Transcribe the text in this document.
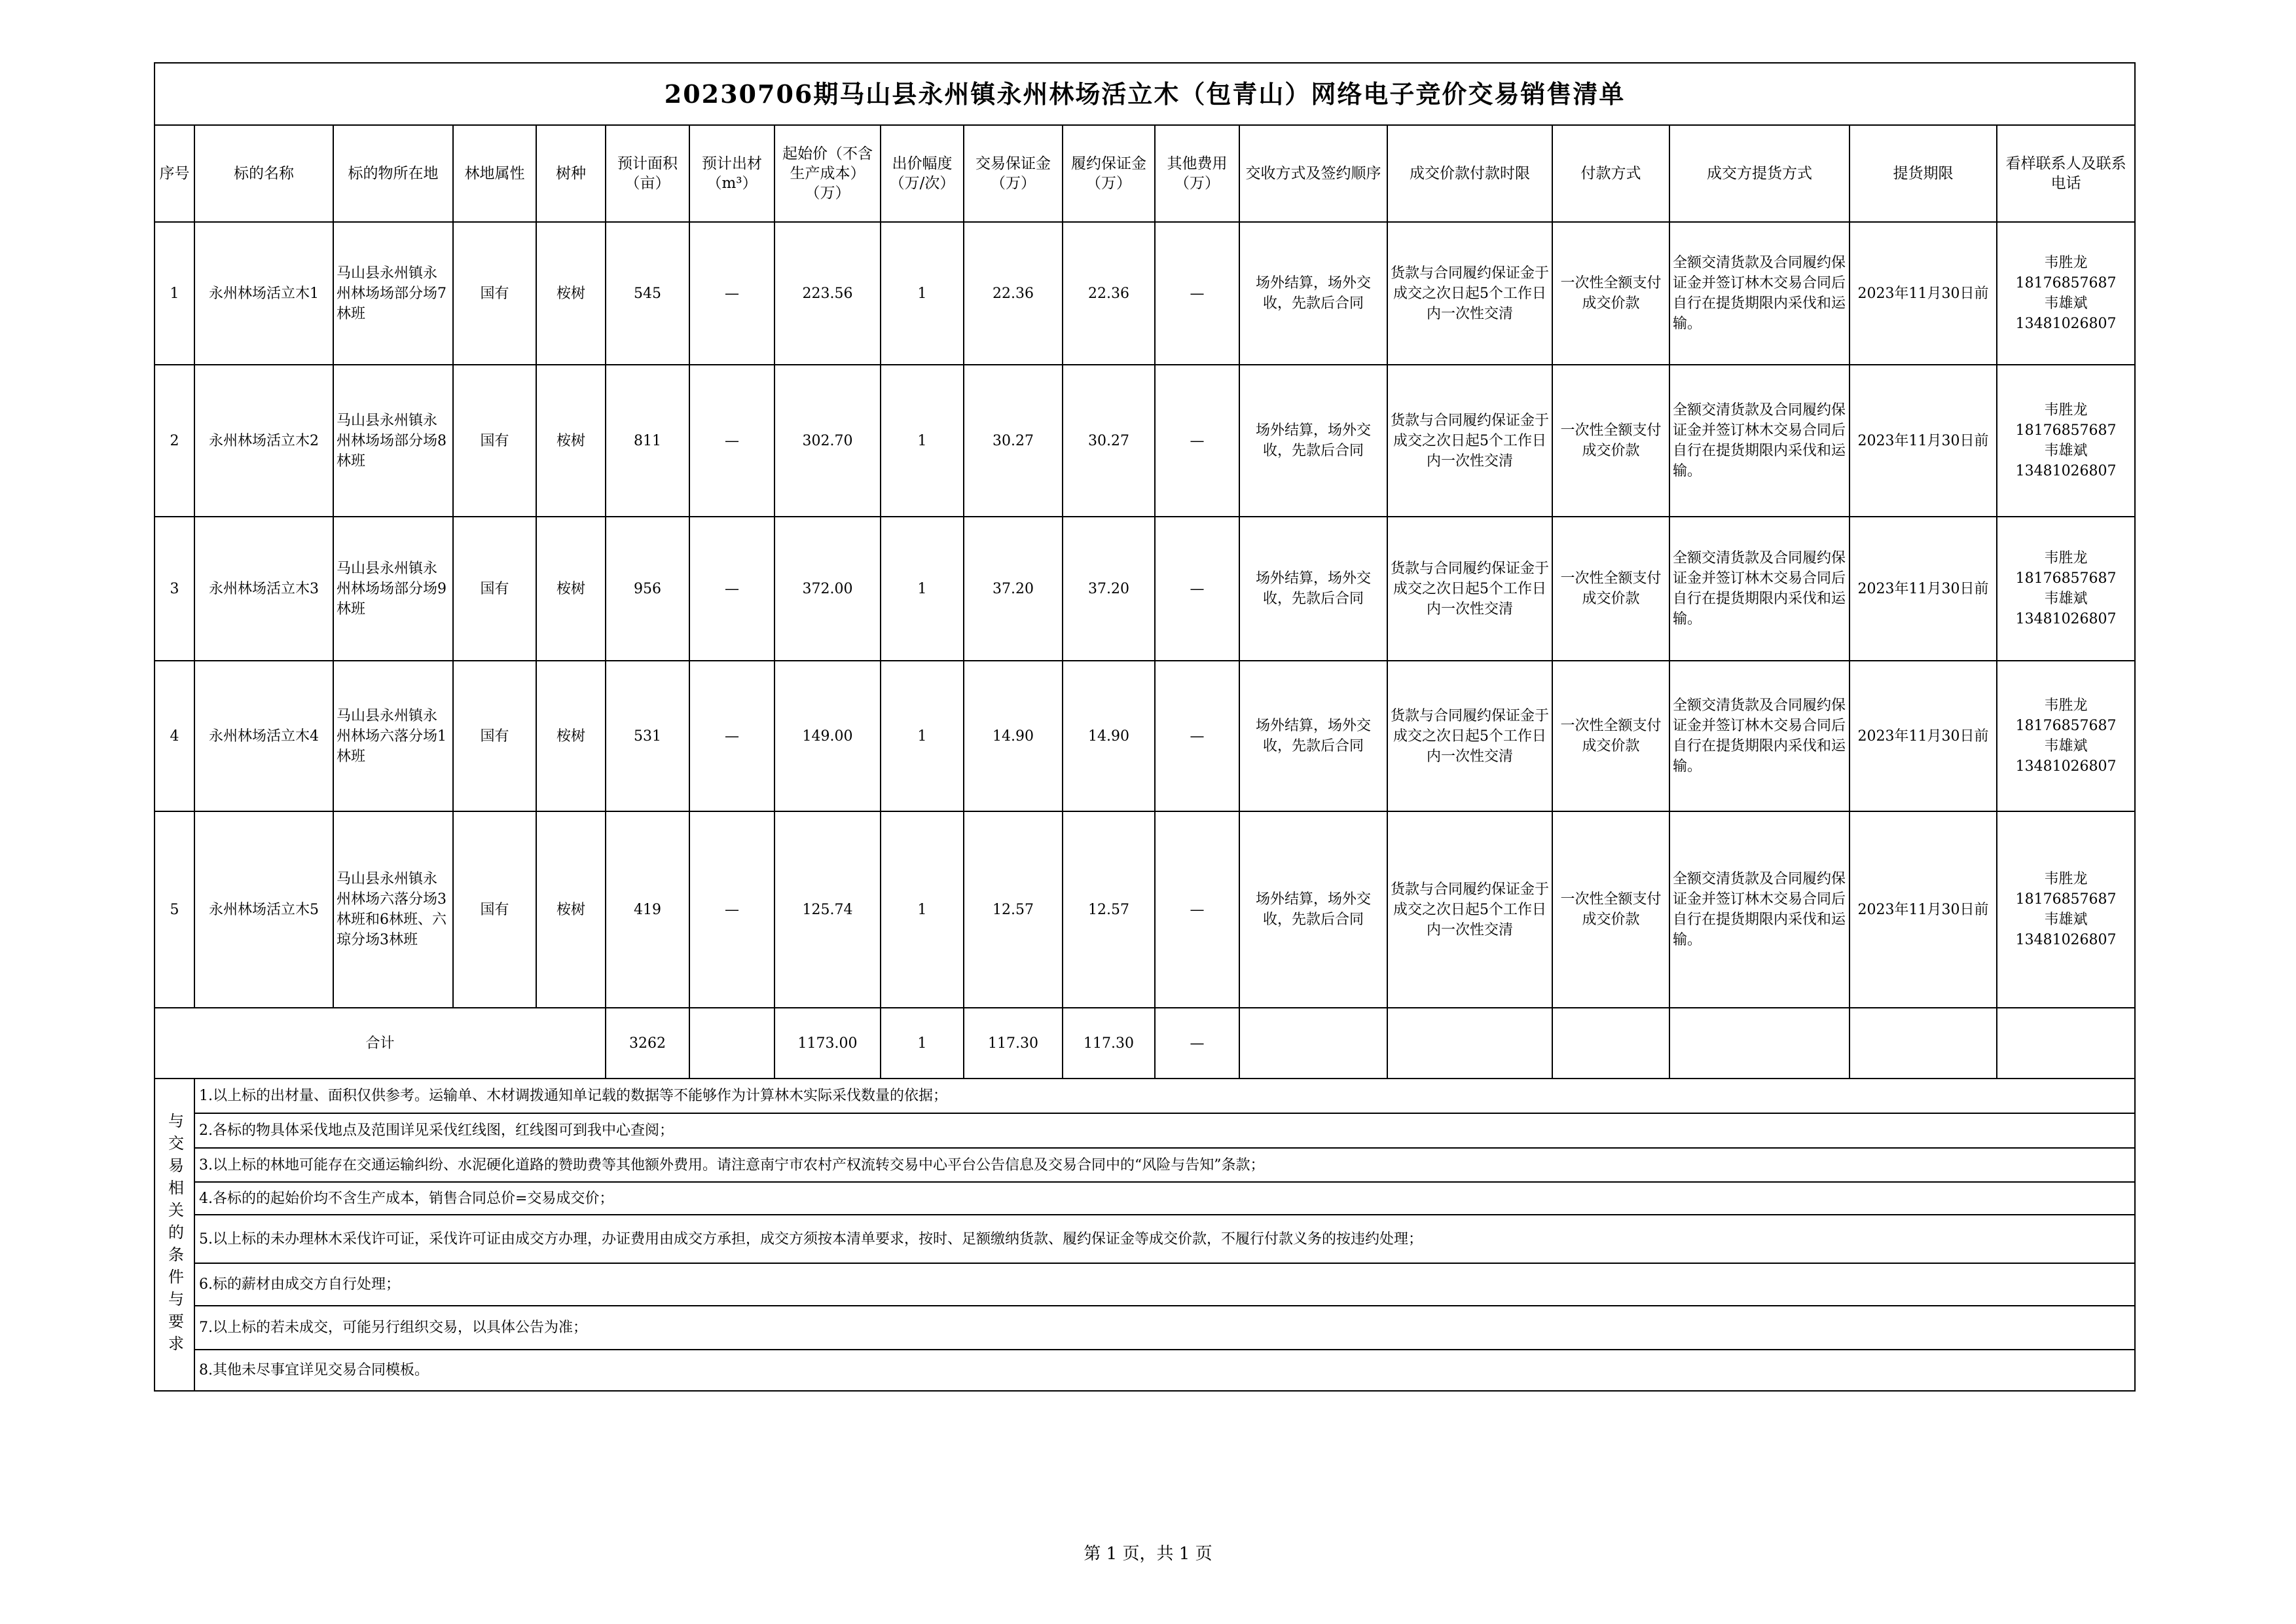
20230706期马山县永州镇永州林场活立木（包青山）网络电子竞价交易销售清单																	
序号	标的名称	标的物所在地	林地属性	树种	预计面积（亩）	预计出材（m³）	起始价（不含生产成本）（万）	出价幅度（万/次）	交易保证金（万）	履约保证金（万）	其他费用（万）	交收方式及签约顺序	成交价款付款时限	付款方式	成交方提货方式	提货期限	看样联系人及联系电话
1	永州林场活立木1	马山县永州镇永州林场场部分场7林班	国有	桉树	545	—	223.56	1	22.36	22.36	—	场外结算，场外交收，先款后合同	货款与合同履约保证金于成交之次日起5个工作日内一次性交清	一次性全额支付成交价款	全额交清货款及合同履约保证金并签订林木交易合同后自行在提货期限内采伐和运输。	2023年11月30日前	韦胜龙
18176857687
韦雄斌
13481026807

2	永州林场活立木2	马山县永州镇永州林场场部分场8林班	国有	桉树	811	—	302.70	1	30.27	30.27	—	场外结算，场外交收，先款后合同	货款与合同履约保证金于成交之次日起5个工作日内一次性交清	一次性全额支付成交价款	全额交清货款及合同履约保证金并签订林木交易合同后自行在提货期限内采伐和运输。	2023年11月30日前	韦胜龙
18176857687
韦雄斌
13481026807

3	永州林场活立木3	马山县永州镇永州林场场部分场9林班	国有	桉树	956	—	372.00	1	37.20	37.20	—	场外结算，场外交收，先款后合同	货款与合同履约保证金于成交之次日起5个工作日内一次性交清	一次性全额支付成交价款	全额交清货款及合同履约保证金并签订林木交易合同后自行在提货期限内采伐和运输。	2023年11月30日前	韦胜龙
18176857687
韦雄斌
13481026807

4	永州林场活立木4	马山县永州镇永州林场六落分场1林班	国有	桉树	531	—	149.00	1	14.90	14.90	—	场外结算，场外交收，先款后合同	货款与合同履约保证金于成交之次日起5个工作日内一次性交清	一次性全额支付成交价款	全额交清货款及合同履约保证金并签订林木交易合同后自行在提货期限内采伐和运输。	2023年11月30日前	韦胜龙
18176857687
韦雄斌
13481026807

5	永州林场活立木5	马山县永州镇永州林场六落分场3林班和6林班、六琼分场3林班	国有	桉树	419	—	125.74	1	12.57	12.57	—	场外结算，场外交收，先款后合同	货款与合同履约保证金于成交之次日起5个工作日内一次性交清	一次性全额支付成交价款	全额交清货款及合同履约保证金并签订林木交易合同后自行在提货期限内采伐和运输。	2023年11月30日前	韦胜龙
18176857687
韦雄斌
13481026807

合计					3262		1173.00	1	117.30	117.30	—						
与交易相关的条件与要求	1.以上标的出材量、面积仅供参考。运输单、木材调拨通知单记载的数据等不能够作为计算林木实际采伐数量的依据；																
	2.各标的物具体采伐地点及范围详见采伐红线图，红线图可到我中心查阅；																
	3.以上标的林地可能存在交通运输纠纷、水泥硬化道路的赞助费等其他额外费用。请注意南宁市农村产权流转交易中心平台公告信息及交易合同中的“风险与告知”条款；																
	4.各标的的起始价均不含生产成本，销售合同总价=交易成交价；																
	5.以上标的未办理林木采伐许可证，采伐许可证由成交方办理，办证费用由成交方承担，成交方须按本清单要求，按时、足额缴纳货款、履约保证金等成交价款，不履行付款义务的按违约处理；																
	6.标的薪材由成交方自行处理；																
	7.以上标的若未成交，可能另行组织交易，以具体公告为准；																
	8.其他未尽事宜详见交易合同模板。																
第 1 页，共 1 页
